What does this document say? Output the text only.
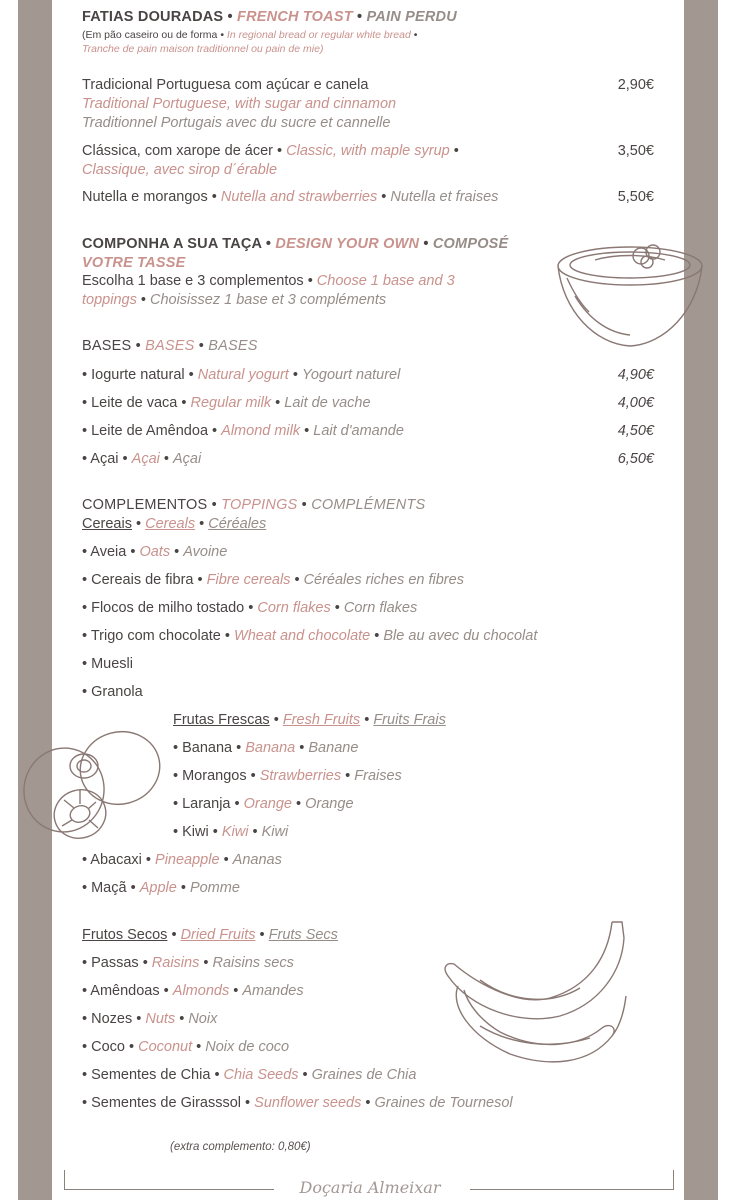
FATIAS DOURADAS • FRENCH TOAST • PAIN PERDU
(Em pão caseiro ou de forma • In regional bread or regular white bread •
Tranche de pain maison traditionnel ou pain de mie)
Tradicional Portuguesa com açúcar e canela
Traditional Portuguese, with sugar and cinnamon
Traditionnel Portugais avec du sucre et cannelle
2,90€
Clássica, com xarope de ácer • Classic, with maple syrup •
Classique, avec sirop d´érable
3,50€
Nutella e morangos • Nutella and strawberries • Nutella et fraises	5,50€
COMPONHA A SUA TAÇA • DESIGN YOUR OWN • COMPOSÉ
VOTRE TASSE
Escolha 1 base e 3 complementos • Choose 1 base and 3
toppings • Choisissez 1 base et 3 compléments
BASES • BASES • BASES
• Iogurte natural • Natural yogurt • Yogourt naturel	4,90€
• Leite de vaca • Regular milk • Lait de vache	4,00€
• Leite de Amêndoa • Almond milk • Lait d'amande	4,50€
• Açai • Açai • Açai	6,50€
COMPLEMENTOS • TOPPINGS • COMPLÉMENTS
Cereais • Cereals • Céréales
• Aveia • Oats • Avoine
• Cereais de fibra • Fibre cereals • Céréales riches en fibres
• Flocos de milho tostado • Corn flakes • Corn flakes
• Trigo com chocolate • Wheat and chocolate • Ble au avec du chocolat
• Muesli
• Granola
Frutas Frescas • Fresh Fruits • Fruits Frais
• Banana • Banana • Banane
• Morangos • Strawberries • Fraises
• Laranja • Orange • Orange
• Kiwi • Kiwi • Kiwi
• Abacaxi • Pineapple • Ananas
• Maçã • Apple • Pomme
Frutos Secos • Dried Fruits • Fruts Secs
• Passas • Raisins • Raisins secs
• Amêndoas • Almonds • Amandes
• Nozes • Nuts • Noix
• Coco • Coconut • Noix de coco
• Sementes de Chia • Chia Seeds • Graines de Chia
• Sementes de Girasssol • Sunflower seeds • Graines de Tournesol
(extra complemento: 0,80€)
Doçaria Almeixar
